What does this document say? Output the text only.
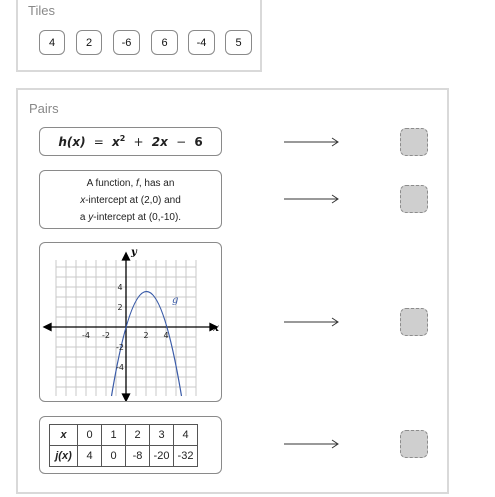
Tiles
4	2	-6	6	-4	5
Pairs
$h(x) = x^2 + 2x - 6$
A function, f, has an
x-intercept at (2,0) and
a y-intercept at (0,-10).
x
y
g
-4 -2	2 4
4
2
-2
-4
x	0	1	2	3	4
j(x)	4	0	-8	-20	-32
